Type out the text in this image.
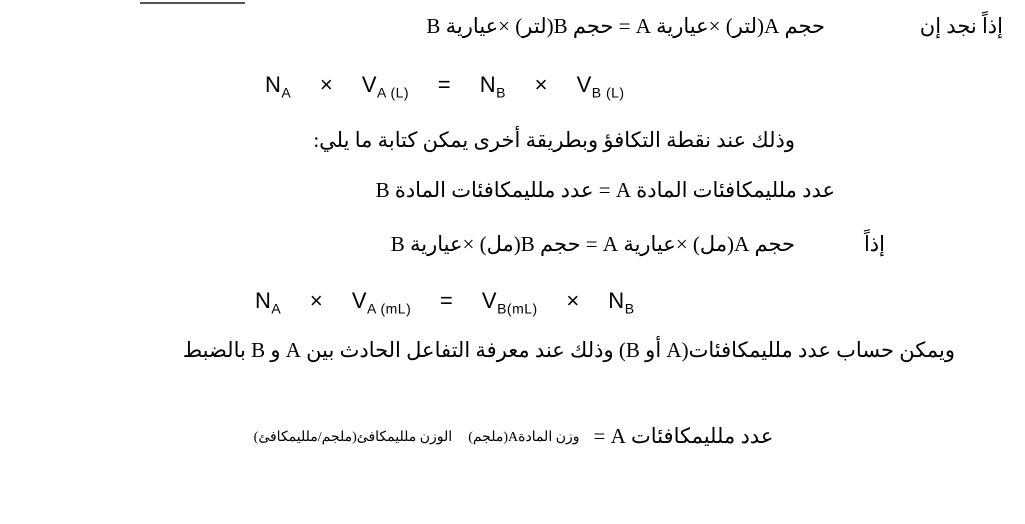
إذاً نجد إن
حجم A(لتر) ×عيارية A = حجم B(لتر) ×عيارية B
$N_A \times V_{A (L)} = N_B \times V_{B (L)}$
وذلك عند نقطة التكافؤ وبطريقة أخرى يمكن كتابة ما يلي:
عدد ملليمكافئات المادة A = عدد ملليمكافئات المادة B
إذاً
حجم A(مل) ×عيارية A = حجم B(مل) ×عيارية B
$N_A \times V_{A (mL)} = V_{B(mL)} \times N_B$
ويمكن حساب عدد ملليمكافئات(A أو B) وذلك عند معرفة التفاعل الحادث بين A و B بالضبط
عدد ملليمكافئات A =
وزن المادةA(ملجم) الوزن ملليمكافئ(ملجم/ملليمكافئ)
